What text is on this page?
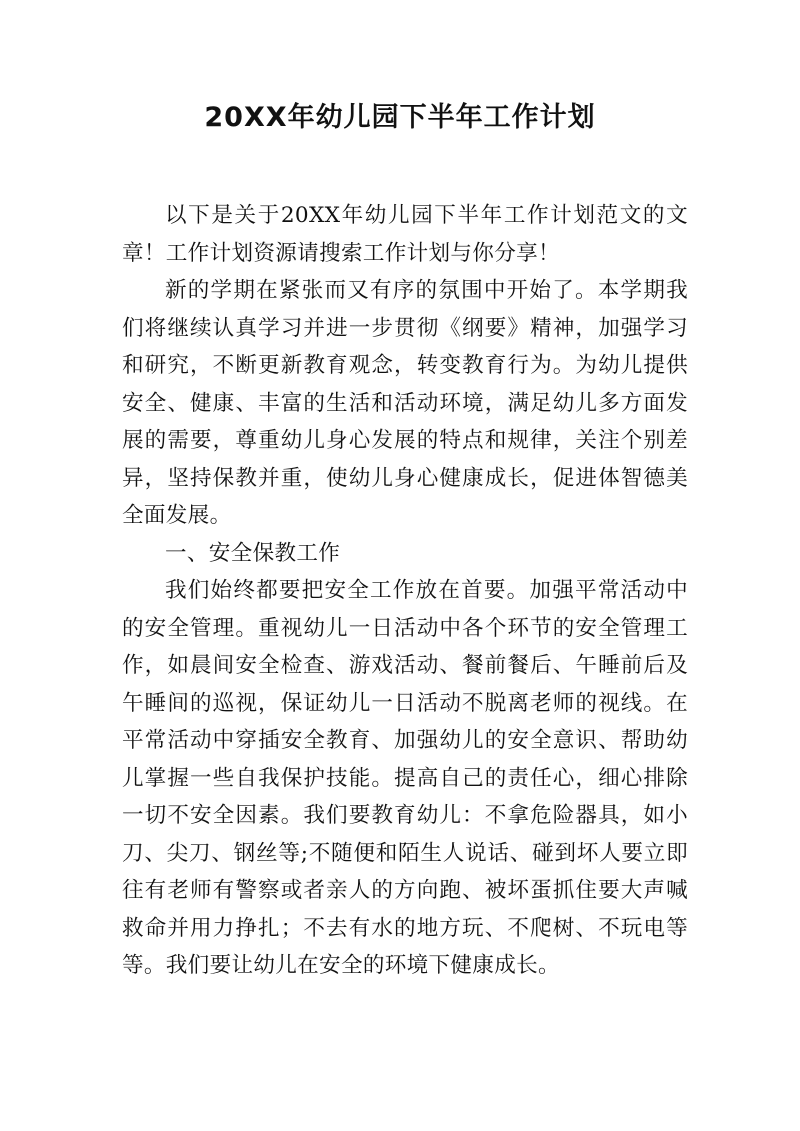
20XX年幼儿园下半年工作计划

以下是关于20XX年幼儿园下半年工作计划范文的文章！工作计划资源请搜索工作计划与你分享！

新的学期在紧张而又有序的氛围中开始了。本学期我们将继续认真学习并进一步贯彻《纲要》精神，加强学习和研究，不断更新教育观念，转变教育行为。为幼儿提供安全、健康、丰富的生活和活动环境，满足幼儿多方面发展的需要，尊重幼儿身心发展的特点和规律，关注个别差异，坚持保教并重，使幼儿身心健康成长，促进体智德美全面发展。

一、安全保教工作

我们始终都要把安全工作放在首要。加强平常活动中的安全管理。重视幼儿一日活动中各个环节的安全管理工作，如晨间安全检查、游戏活动、餐前餐后、午睡前后及午睡间的巡视，保证幼儿一日活动不脱离老师的视线。在平常活动中穿插安全教育、加强幼儿的安全意识、帮助幼儿掌握一些自我保护技能。提高自己的责任心，细心排除一切不安全因素。我们要教育幼儿：不拿危险器具，如小刀、尖刀、钢丝等;不随便和陌生人说话、碰到坏人要立即往有老师有警察或者亲人的方向跑、被坏蛋抓住要大声喊救命并用力挣扎；不去有水的地方玩、不爬树、不玩电等等。我们要让幼儿在安全的环境下健康成长。
